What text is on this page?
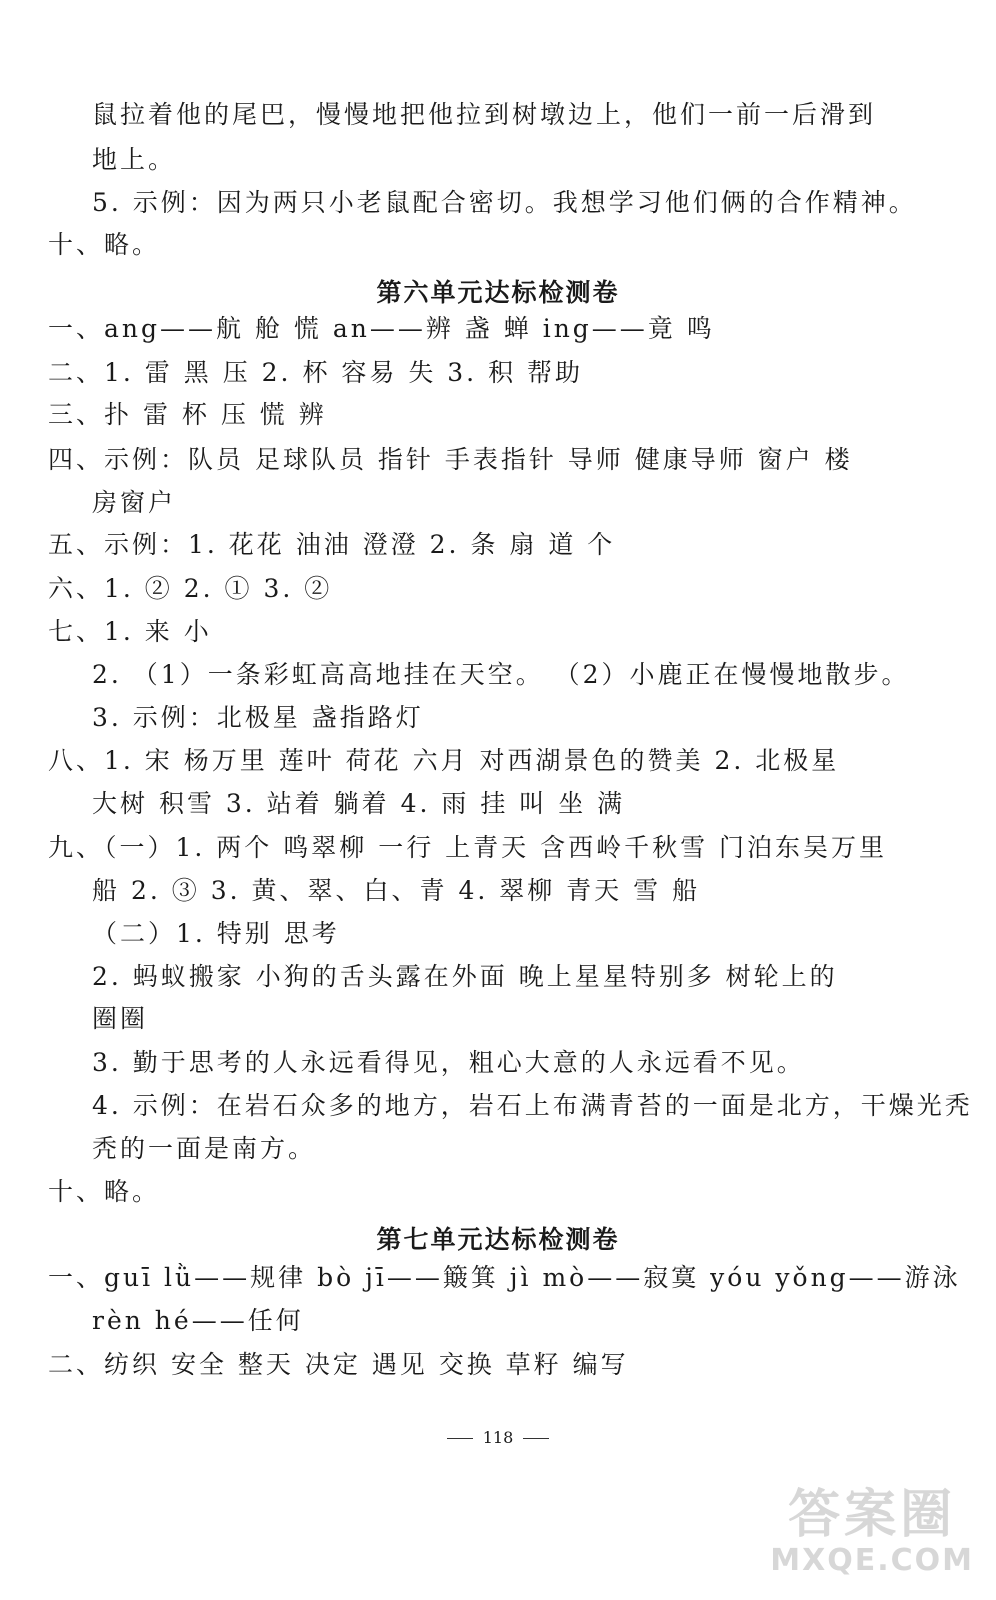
鼠拉着他的尾巴，慢慢地把他拉到树墩边上，他们一前一后滑到
地上。
5. 示例：因为两只小老鼠配合密切。我想学习他们俩的合作精神。
十、略。
第六单元达标检测卷
一、ang——航 舱 慌 an——辨 盏 蝉 ing——竟 鸣
二、1. 雷 黑 压 2. 杯 容易 失 3. 积 帮助
三、扑 雷 杯 压 慌 辨
四、示例：队员 足球队员 指针 手表指针 导师 健康导师 窗户 楼
房窗户
五、示例：1. 花花 油油 澄澄 2. 条 扇 道 个
六、1. ② 2. ① 3. ②
七、1. 来 小
2. （1）一条彩虹高高地挂在天空。 （2）小鹿正在慢慢地散步。
3. 示例：北极星 盏指路灯
八、1. 宋 杨万里 莲叶 荷花 六月 对西湖景色的赞美 2. 北极星
大树 积雪 3. 站着 躺着 4. 雨 挂 叫 坐 满
九、（一）1. 两个 鸣翠柳 一行 上青天 含西岭千秋雪 门泊东吴万里
船 2. ③ 3. 黄、翠、白、青 4. 翠柳 青天 雪 船
（二）1. 特别 思考
2. 蚂蚁搬家 小狗的舌头露在外面 晚上星星特别多 树轮上的
圈圈
3. 勤于思考的人永远看得见，粗心大意的人永远看不见。
4. 示例：在岩石众多的地方，岩石上布满青苔的一面是北方，干燥光秃
秃的一面是南方。
十、略。
第七单元达标检测卷
一、guī lǜ——规律 bò jī——簸箕 jì mò——寂寞 yóu yǒng——游泳
rèn hé——任何
二、纺织 安全 整天 决定 遇见 交换 草籽 编写
118
答案圈
MXQE.COM
